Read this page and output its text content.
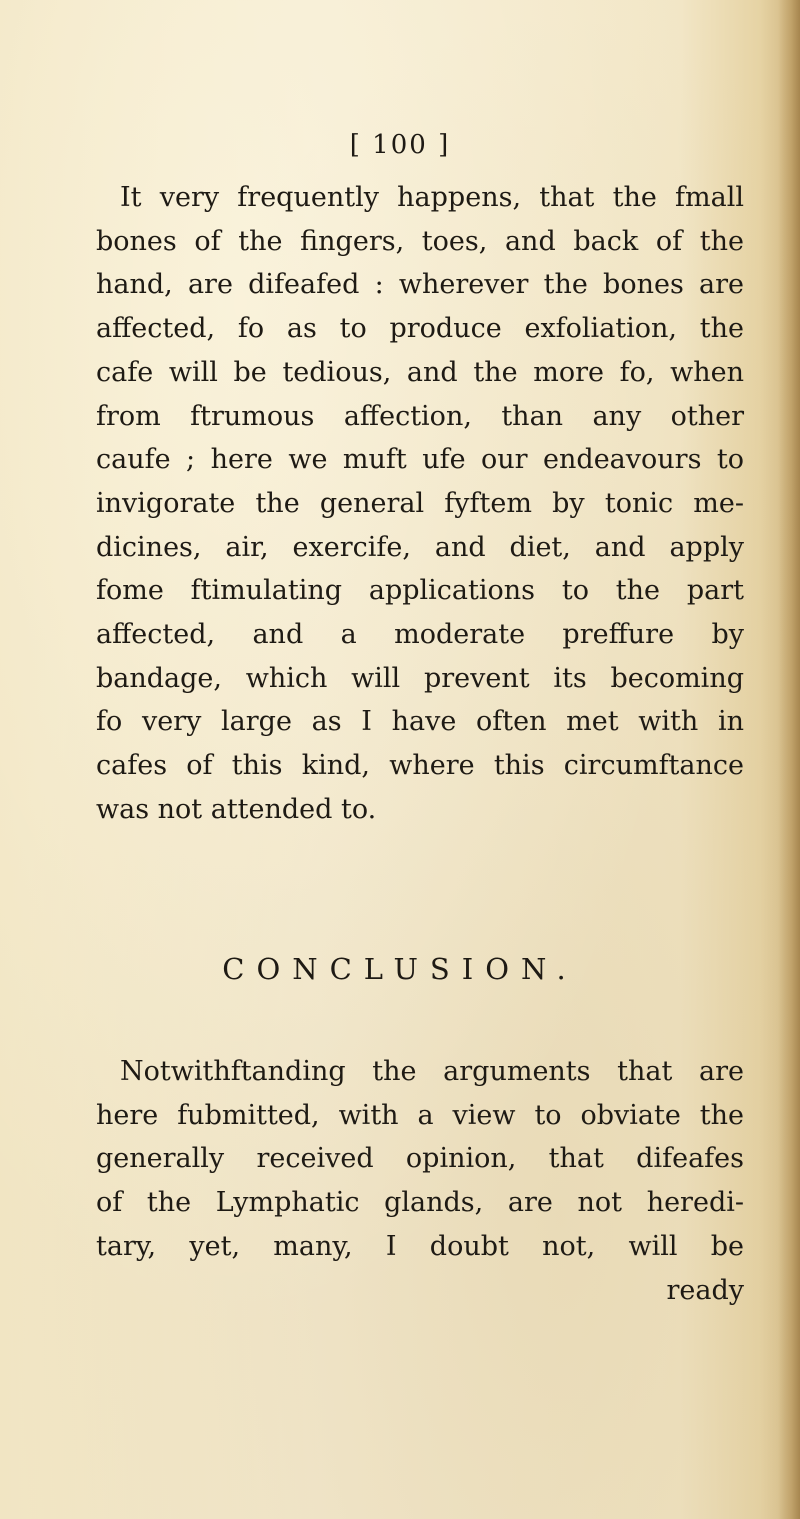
[ 100 ]

It very frequently happens, that the fmall
bones of the fingers, toes, and back of the
hand, are difeafed : wherever the bones are
affected, fo as to produce exfoliation, the
cafe will be tedious, and the more fo, when
from ftrumous affection, than any other
caufe ; here we muft ufe our endeavours to
invigorate the general fyftem by tonic me-
dicines, air, exercife, and diet, and apply
fome ftimulating applications to the part
affected, and a moderate preffure by
bandage, which will prevent its becoming
fo very large as I have often met with in
cafes of this kind, where this circumftance
was not attended to.

CONCLUSION.

Notwithftanding the arguments that are
here fubmitted, with a view to obviate the
generally received opinion, that difeafes
of the Lymphatic glands, are not heredi-
tary, yet, many, I doubt not, will be
ready
